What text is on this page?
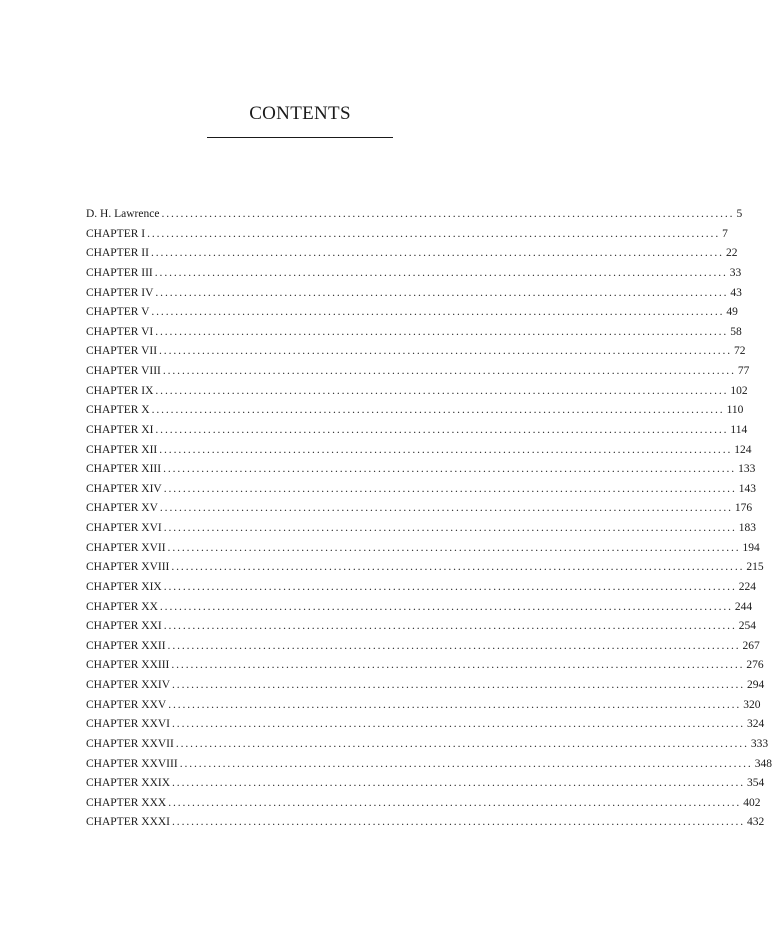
CONTENTS
D. H. Lawrence ........................................................................................................................ 5
CHAPTER I ........................................................................................................................ 7
CHAPTER II ........................................................................................................................ 22
CHAPTER III ........................................................................................................................ 33
CHAPTER IV ........................................................................................................................ 43
CHAPTER V ........................................................................................................................ 49
CHAPTER VI ........................................................................................................................ 58
CHAPTER VII ........................................................................................................................ 72
CHAPTER VIII ........................................................................................................................ 77
CHAPTER IX ........................................................................................................................ 102
CHAPTER X ........................................................................................................................ 110
CHAPTER XI ........................................................................................................................ 114
CHAPTER XII ........................................................................................................................ 124
CHAPTER XIII ........................................................................................................................ 133
CHAPTER XIV ........................................................................................................................ 143
CHAPTER XV ........................................................................................................................ 176
CHAPTER XVI ........................................................................................................................ 183
CHAPTER XVII ........................................................................................................................ 194
CHAPTER XVIII ........................................................................................................................ 215
CHAPTER XIX ........................................................................................................................ 224
CHAPTER XX ........................................................................................................................ 244
CHAPTER XXI ........................................................................................................................ 254
CHAPTER XXII ........................................................................................................................ 267
CHAPTER XXIII ........................................................................................................................ 276
CHAPTER XXIV ........................................................................................................................ 294
CHAPTER XXV ........................................................................................................................ 320
CHAPTER XXVI ........................................................................................................................ 324
CHAPTER XXVII ........................................................................................................................ 333
CHAPTER XXVIII ........................................................................................................................ 348
CHAPTER XXIX ........................................................................................................................ 354
CHAPTER XXX ........................................................................................................................ 402
CHAPTER XXXI ........................................................................................................................ 432
